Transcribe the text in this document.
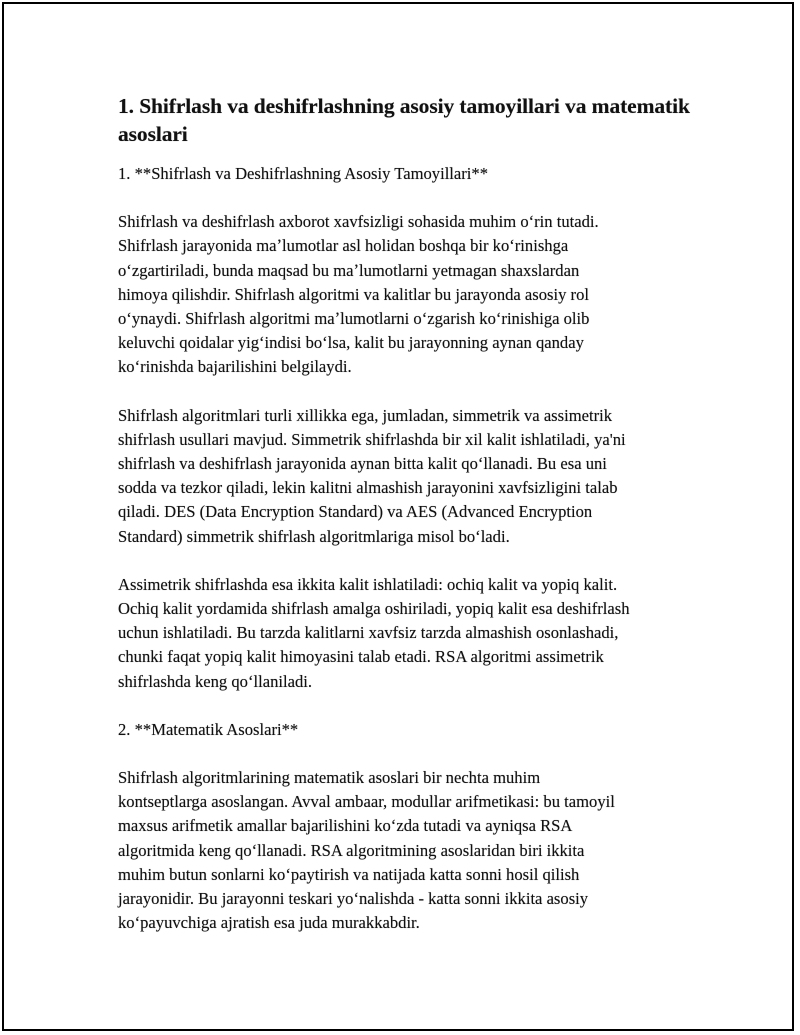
1. Shifrlash va deshifrlashning asosiy tamoyillari va matematik asoslari

1. **Shifrlash va Deshifrlashning Asosiy Tamoyillari**

Shifrlash va deshifrlash axborot xavfsizligi sohasida muhim oʻrin tutadi.
Shifrlash jarayonida maʼlumotlar asl holidan boshqa bir koʻrinishga
oʻzgartiriladi, bunda maqsad bu maʼlumotlarni yetmagan shaxslardan
himoya qilishdir. Shifrlash algoritmi va kalitlar bu jarayonda asosiy rol
oʻynaydi. Shifrlash algoritmi maʼlumotlarni oʻzgarish koʻrinishiga olib
keluvchi qoidalar yigʻindisi boʻlsa, kalit bu jarayonning aynan qanday
koʻrinishda bajarilishini belgilaydi.

Shifrlash algoritmlari turli xillikka ega, jumladan, simmetrik va assimetrik
shifrlash usullari mavjud. Simmetrik shifrlashda bir xil kalit ishlatiladi, ya'ni
shifrlash va deshifrlash jarayonida aynan bitta kalit qoʻllanadi. Bu esa uni
sodda va tezkor qiladi, lekin kalitni almashish jarayonini xavfsizligini talab
qiladi. DES (Data Encryption Standard) va AES (Advanced Encryption
Standard) simmetrik shifrlash algoritmlariga misol boʻladi.

Assimetrik shifrlashda esa ikkita kalit ishlatiladi: ochiq kalit va yopiq kalit.
Ochiq kalit yordamida shifrlash amalga oshiriladi, yopiq kalit esa deshifrlash
uchun ishlatiladi. Bu tarzda kalitlarni xavfsiz tarzda almashish osonlashadi,
chunki faqat yopiq kalit himoyasini talab etadi. RSA algoritmi assimetrik
shifrlashda keng qoʻllaniladi.

2. **Matematik Asoslari**

Shifrlash algoritmlarining matematik asoslari bir nechta muhim
kontseptlarga asoslangan. Avval ambaar, modullar arifmetikasi: bu tamoyil
maxsus arifmetik amallar bajarilishini koʻzda tutadi va ayniqsa RSA
algoritmida keng qoʻllanadi. RSA algoritmining asoslaridan biri ikkita
muhim butun sonlarni koʻpaytirish va natijada katta sonni hosil qilish
jarayonidir. Bu jarayonni teskari yoʻnalishda - katta sonni ikkita asosiy
koʻpayuvchiga ajratish esa juda murakkabdir.
